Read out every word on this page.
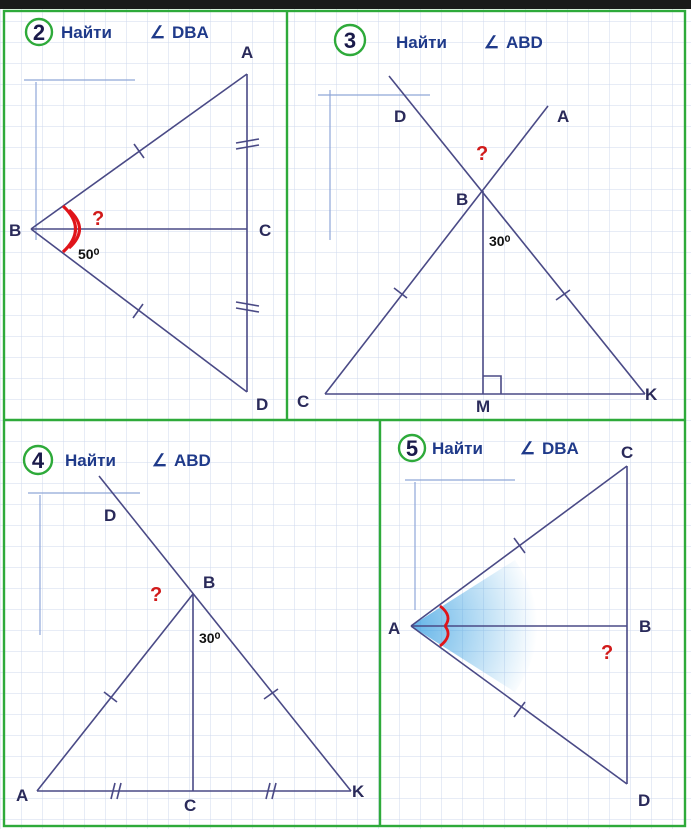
2 Найти ∠ DBA
A
B	C
D
50⁰
?
3 Найти ∠ ABD
D	A
B
C	M
K
30⁰
?
4 Найти ∠ ABD
D
B
A
C
K
30⁰
?
5 Найти ∠ DBA C
A	B
D
?
